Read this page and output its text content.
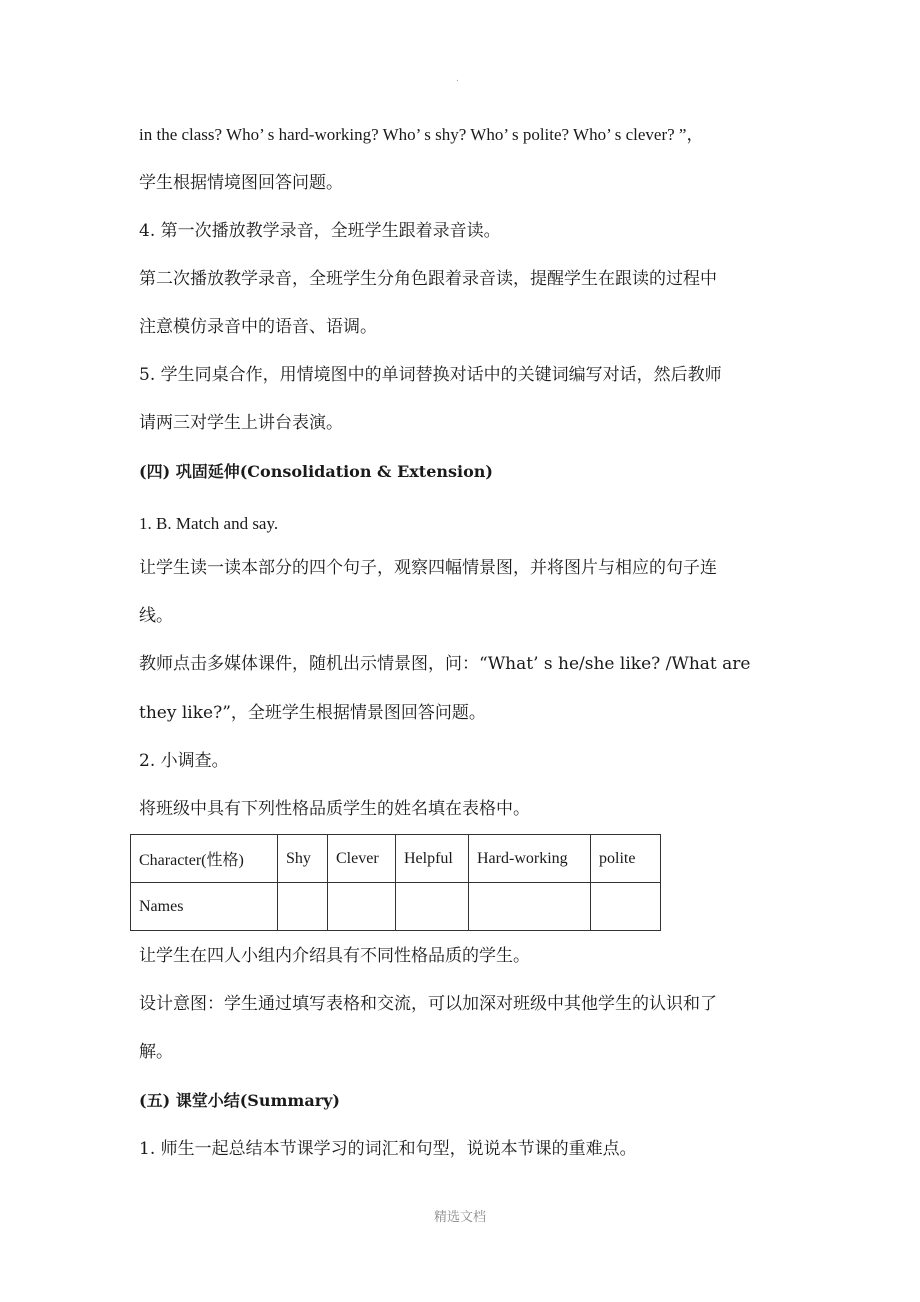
.
in the class? Who’ s hard-working? Who’ s shy? Who’ s polite? Who’ s clever? ”，
学生根据情境图回答问题。
4. 第一次播放教学录音，全班学生跟着录音读。
第二次播放教学录音，全班学生分角色跟着录音读，提醒学生在跟读的过程中
注意模仿录音中的语音、语调。
5. 学生同桌合作，用情境图中的单词替换对话中的关键词编写对话，然后教师
请两三对学生上讲台表演。
(四) 巩固延伸(Consolidation & Extension)
1. B. Match and say.
让学生读一读本部分的四个句子，观察四幅情景图，并将图片与相应的句子连
线。
教师点击多媒体课件，随机出示情景图，问：“What’ s he/she like? /What are
they like?”，全班学生根据情景图回答问题。
2. 小调查。
将班级中具有下列性格品质学生的姓名填在表格中。
Character(性格)	Shy	Clever	Helpful	Hard-working	polite
Names					
让学生在四人小组内介绍具有不同性格品质的学生。
设计意图：学生通过填写表格和交流，可以加深对班级中其他学生的认识和了
解。
(五) 课堂小结(Summary)
1. 师生一起总结本节课学习的词汇和句型，说说本节课的重难点。
精选文档
